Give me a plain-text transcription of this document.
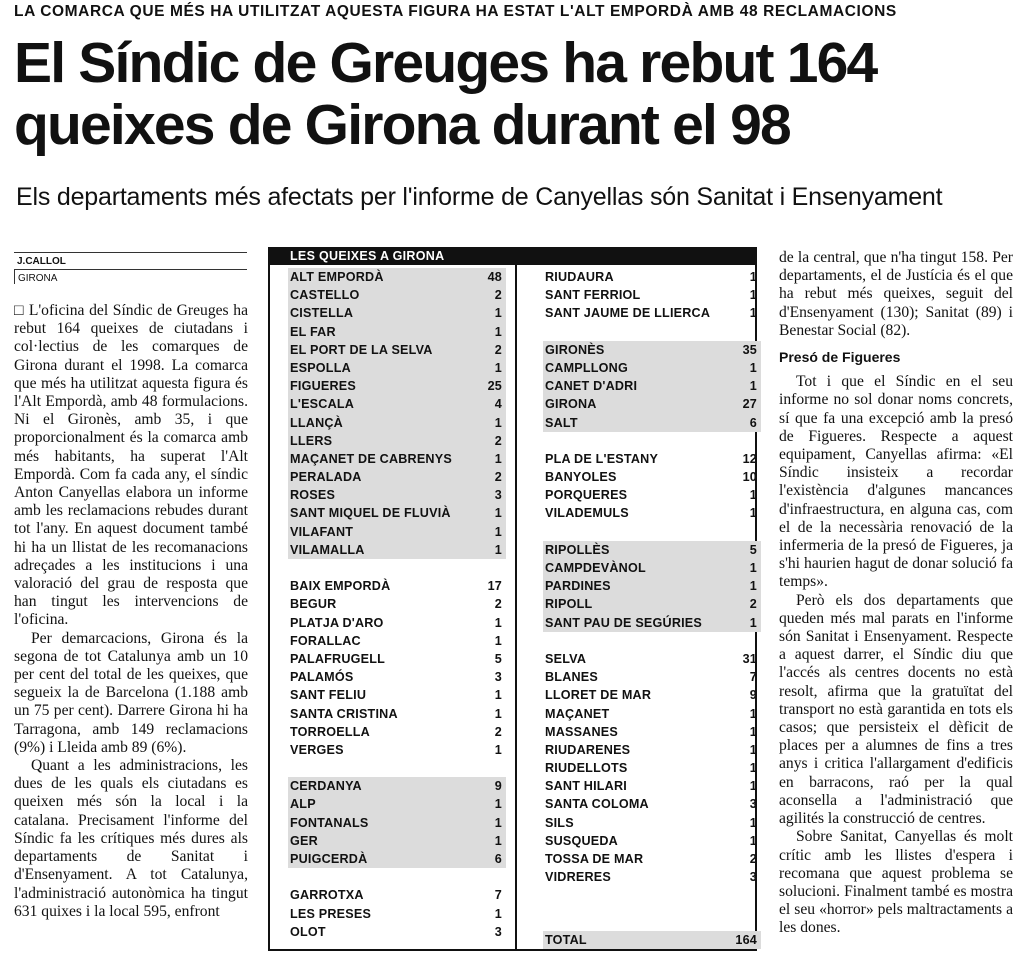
LA COMARCA QUE MÉS HA UTILITZAT AQUESTA FIGURA HA ESTAT L'ALT EMPORDÀ AMB 48 RECLAMACIONS
El Síndic de Greuges ha rebut 164 queixes de Girona durant el 98
Els departaments més afectats per l'informe de Canyellas són Sanitat i Ensenyament
J.CALLOL
GIRONA

□ L'oficina del Síndic de Greuges ha rebut 164 queixes de ciutadans i col·lectius de les comarques de Girona durant el 1998. La comarca que més ha utilitzat aquesta figura és l'Alt Empordà, amb 48 formulacions. Ni el Gironès, amb 35, i que proporcionalment és la comarca amb més habitants, ha superat l'Alt Empordà. Com fa cada any, el síndic Anton Canyellas elabora un informe amb les reclamacions rebudes durant tot l'any. En aquest document també hi ha un llistat de les recomanacions adreçades a les institucions i una valoració del grau de resposta que han tingut les intervencions de l'oficina.

Per demarcacions, Girona és la segona de tot Catalunya amb un 10 per cent del total de les queixes, que segueix la de Barcelona (1.188 amb un 75 per cent). Darrere Girona hi ha Tarragona, amb 149 reclamacions (9%) i Lleida amb 89 (6%).

Quant a les administracions, les dues de les quals els ciutadans es queixen més són la local i la catalana. Precisament l'informe del Síndic fa les crítiques més dures als departaments de Sanitat i d'Ensenyament. A tot Catalunya, l'administració autonòmica ha tingut 631 quixes i la local 595, enfront

LES QUEIXES A GIRONA
ALT EMPORDÀ	48
CASTELLO	2
CISTELLA	1
EL FAR	1
EL PORT DE LA SELVA	2
ESPOLLA	1
FIGUERES	25
L'ESCALA	4
LLANÇÀ	1
LLERS	2
MAÇANET DE CABRENYS	1
PERALADA	2
ROSES	3
SANT MIQUEL DE FLUVIÀ	1
VILAFANT	1
VILAMALLA	1
BAIX EMPORDÀ	17
BEGUR	2
PLATJA D'ARO	1
FORALLAC	1
PALAFRUGELL	5
PALAMÓS	3
SANT FELIU	1
SANTA CRISTINA	1
TORROELLA	2
VERGES	1
CERDANYA	9
ALP	1
FONTANALS	1
GER	1
PUIGCERDÀ	6
GARROTXA	7
LES PRESES	1
OLOT	3
RIUDAURA	1
SANT FERRIOL	1
SANT JAUME DE LLIERCA	1
GIRONÈS	35
CAMPLLONG	1
CANET D'ADRI	1
GIRONA	27
SALT	6
PLA DE L'ESTANY	12
BANYOLES	10
PORQUERES	1
VILADEMULS	1
RIPOLLÈS	5
CAMPDEVÀNOL	1
PARDINES	1
RIPOLL	2
SANT PAU DE SEGÚRIES	1
SELVA	31
BLANES	7
LLORET DE MAR	9
MAÇANET	1
MASSANES	1
RIUDARENES	1
RIUDELLOTS	1
SANT HILARI	1
SANTA COLOMA	3
SILS	1
SUSQUEDA	1
TOSSA DE MAR	2
VIDRERES	3
TOTAL	164

de la central, que n'ha tingut 158. Per departaments, el de Justícia és el que ha rebut més queixes, seguit del d'Ensenyament (130); Sanitat (89) i Benestar Social (82).

Presó de Figueres

Tot i que el Síndic en el seu informe no sol donar noms concrets, sí que fa una excepció amb la presó de Figueres. Respecte a aquest equipament, Canyellas afirma: «El Síndic insisteix a recordar l'existència d'algunes mancances d'infraestructura, en alguna cas, com el de la necessària renovació de la infermeria de la presó de Figueres, ja s'hi haurien hagut de donar solució fa temps».

Però els dos departaments que queden més mal parats en l'informe són Sanitat i Ensenyament. Respecte a aquest darrer, el Síndic diu que l'accés als centres docents no està resolt, afirma que la gratuïtat del transport no està garantida en tots els casos; que persisteix el dèficit de places per a alumnes de fins a tres anys i critica l'allargament d'edificis en barracons, raó per la qual aconsella a l'administració que agilités la construcció de centres.

Sobre Sanitat, Canyellas és molt crític amb les llistes d'espera i recomana que aquest problema se solucioni. Finalment també es mostra el seu «horror» pels maltractaments a les dones.
